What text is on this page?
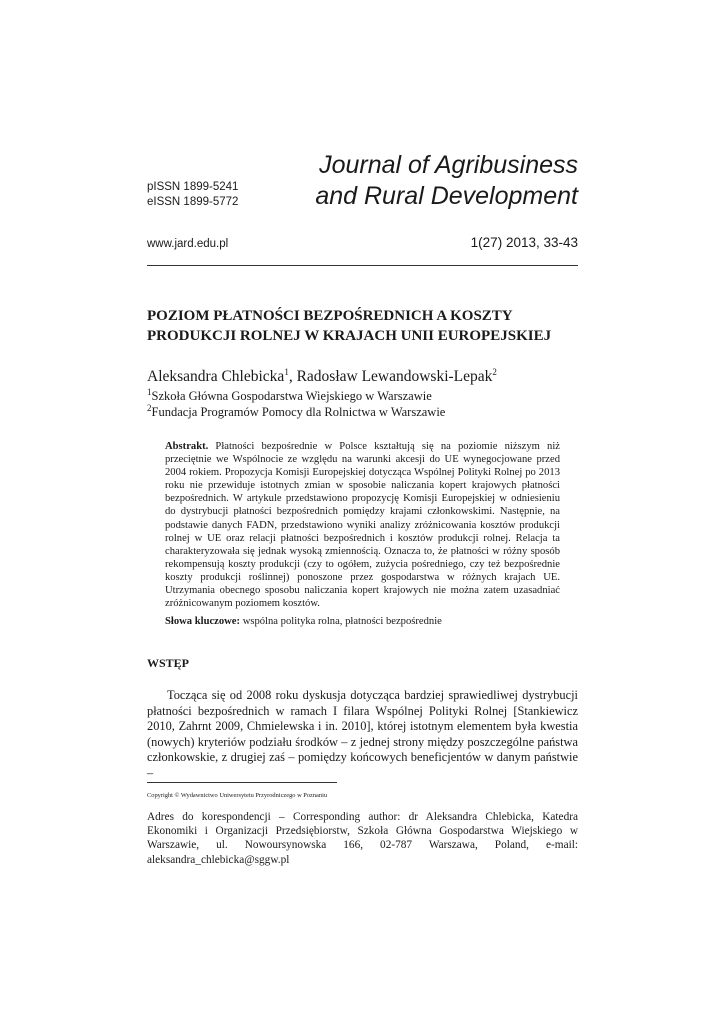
pISSN 1899-5241
eISSN 1899-5772
Journal of Agribusiness
and Rural Development
www.jard.edu.pl	1(27) 2013, 33-43
POZIOM PŁATNOŚCI BEZPOŚREDNICH A KOSZTY
PRODUKCJI ROLNEJ W KRAJACH UNII EUROPEJSKIEJ
Aleksandra Chlebicka$^1$, Radosław Lewandowski-Lepak$^2$
$^1$Szkoła Główna Gospodarstwa Wiejskiego w Warszawie
$^2$Fundacja Programów Pomocy dla Rolnictwa w Warszawie
Abstrakt. Płatności bezpośrednie w Polsce kształtują się na poziomie niższym niż przeciętnie we Wspólnocie ze względu na warunki akcesji do UE wynegocjowane przed 2004 rokiem. Propozycja Komisji Europejskiej dotycząca Wspólnej Polityki Rolnej po 2013 roku nie przewiduje istotnych zmian w sposobie naliczania kopert krajowych płatności bezpośrednich. W artykule przedstawiono propozycję Komisji Europejskiej w odniesieniu do dystrybucji płatności bezpośrednich pomiędzy krajami członkowskimi. Następnie, na podstawie danych FADN, przedstawiono wyniki analizy zróżnicowania kosztów produkcji rolnej w UE oraz relacji płatności bezpośrednich i kosztów produkcji rolnej. Relacja ta charakteryzowała się jednak wysoką zmiennością. Oznacza to, że płatności w różny sposób rekompensują koszty produkcji (czy to ogółem, zużycia pośredniego, czy też bezpośrednie koszty produkcji roślinnej) ponoszone przez gospodarstwa w różnych krajach UE. Utrzymania obecnego sposobu naliczania kopert krajowych nie można zatem uzasadniać zróżnicowanym poziomem kosztów.
Słowa kluczowe: wspólna polityka rolna, płatności bezpośrednie
WSTĘP
Tocząca się od 2008 roku dyskusja dotycząca bardziej sprawiedliwej dystrybucji płatności bezpośrednich w ramach I filara Wspólnej Polityki Rolnej [Stankiewicz 2010, Zahrnt 2009, Chmielewska i in. 2010], której istotnym elementem była kwestia (nowych) kryteriów podziału środków – z jednej strony między poszczególne państwa członkowskie, z drugiej zaś – pomiędzy końcowych beneficjentów w danym państwie –
Copyright © Wydawnictwo Uniwersytetu Przyrodniczego w Poznaniu
Adres do korespondencji – Corresponding author: dr Aleksandra Chlebicka, Katedra Ekonomiki i Organizacji Przedsiębiorstw, Szkoła Główna Gospodarstwa Wiejskiego w Warszawie, ul. Nowoursynowska 166, 02-787 Warszawa, Poland, e-mail: aleksandra_chlebicka@sggw.pl
